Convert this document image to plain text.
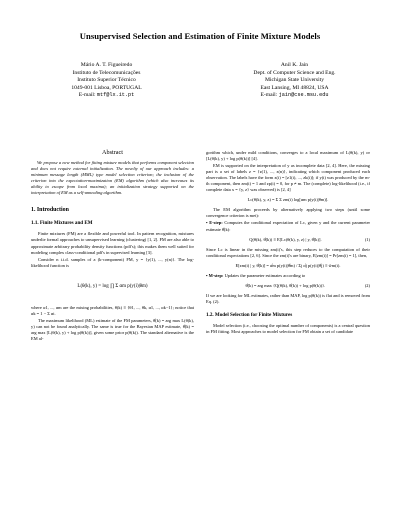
Unsupervised Selection and Estimation of Finite Mixture Models
Mário A. T. Figueiredo
Instituto de Telecomunicações
Instituto Superior Técnico
1049-001 Lisboa, PORTUGAL
E-mail: mtf@lx.it.pt
Anil K. Jain
Dept. of Computer Science and Eng.
Michigan State University
East Lansing, MI 48824, USA
E-mail: jain@cse.msu.edu
Abstract
We propose a new method for fitting mixture models that performs component selection and does not require external initialization. The novelty of our approach includes: a minimum message length (MML) type model selection criterion; the inclusion of the criterion into the expectation-maximization (EM) algorithm (which also increases its ability to escape from local maxima); an initialization strategy supported on the interpretation of EM as a self-annealing algorithm.
1. Introduction
1.1. Finite Mixtures and EM
Finite mixtures (FM) are a flexible and powerful tool. In pattern recognition, mixtures underlie formal approaches to unsupervised learning (clustering) [1, 2]. FM are also able to approximate arbitrary probability density functions (pdf's); this makes them well suited for modeling complex class-conditional pdf's in supervised learning [3].
Consider n i.i.d. samples of a (k-component) FM, y = {y(1), ..., y(n)}. The log-likelihood function is
L(θ(k), y) = log ∏ Σ αm p(y(i)|θm)
where α1, ..., αm are the mixing probabilities, θ(k) ≡ {θ1, ..., θk, α1, ..., αk−1}; notice that αk = 1 − Σ αi.
The maximum likelihood (ML) estimate of the FM parameters, θ̂(k) = arg max L(θ(k), y) can not be found analytically. The same is true for the Bayesian MAP estimate, θ̂(k) = arg max [L(θ(k), y) + log p(θ(k))], given some prior p(θ(k)). The standard alternative is the EM al-
gorithm which, under mild conditions, converges to a local maximum of L(θ(k), y) or [L(θ(k), y) + log p(θ(k))] [4].
EM is supported on the interpretation of y as incomplete data [2, 4]. Here, the missing part is a set of labels z = {z(1), ..., z(n)}, indicating which component produced each observation. The labels have the form z(i) = [z1(i), ..., zk(i)]; if y(i) was produced by the m-th component, then zm(i) = 1 and zp(i) = 0, for p ≠ m. The (complete) log-likelihood (i.e., if complete data x = {y, z} was observed) is [2, 4]
Lc(θ(k), y, z) = Σ Σ zm(i) log[αm p(y(i)|θm)].
The EM algorithm proceeds by alternatively applying two steps (until some convergence criterion is met):
• E-step: Computes the conditional expectation of Lc, given y and the current parameter estimate θ̂(k):
Q(θ(k), θ̂(k)) ≡ E[Lc(θ(k), y, z) | y, θ̂(k)].	(1)
Since Lc is linear in the missing zm(i)'s, this step reduces to the computation of their conditional expectations [2, 6]. Since the zm(i)'s are binary, E[zm(i)] = Pr[zm(i) = 1], then,
E[zm(i) | y, θ̂(k)] = α̂m p(y(i)|θ̂m) / Σj α̂j p(y(i)|θ̂j) ≡ ŵm(i).
• M-step: Updates the parameter estimates according to
θ̂(k) = arg max {Q(θ(k), θ̂(k)) + log p(θ(k))}.	(2)
If we are looking for ML estimates, rather than MAP, log p(θ(k)) is flat and is removed from Eq. (2).
1.2. Model Selection for Finite Mixtures
Model selection (i.e., choosing the optimal number of components) is a central question in FM fitting. Most approaches to model selection for FM obtain a set of candidate
